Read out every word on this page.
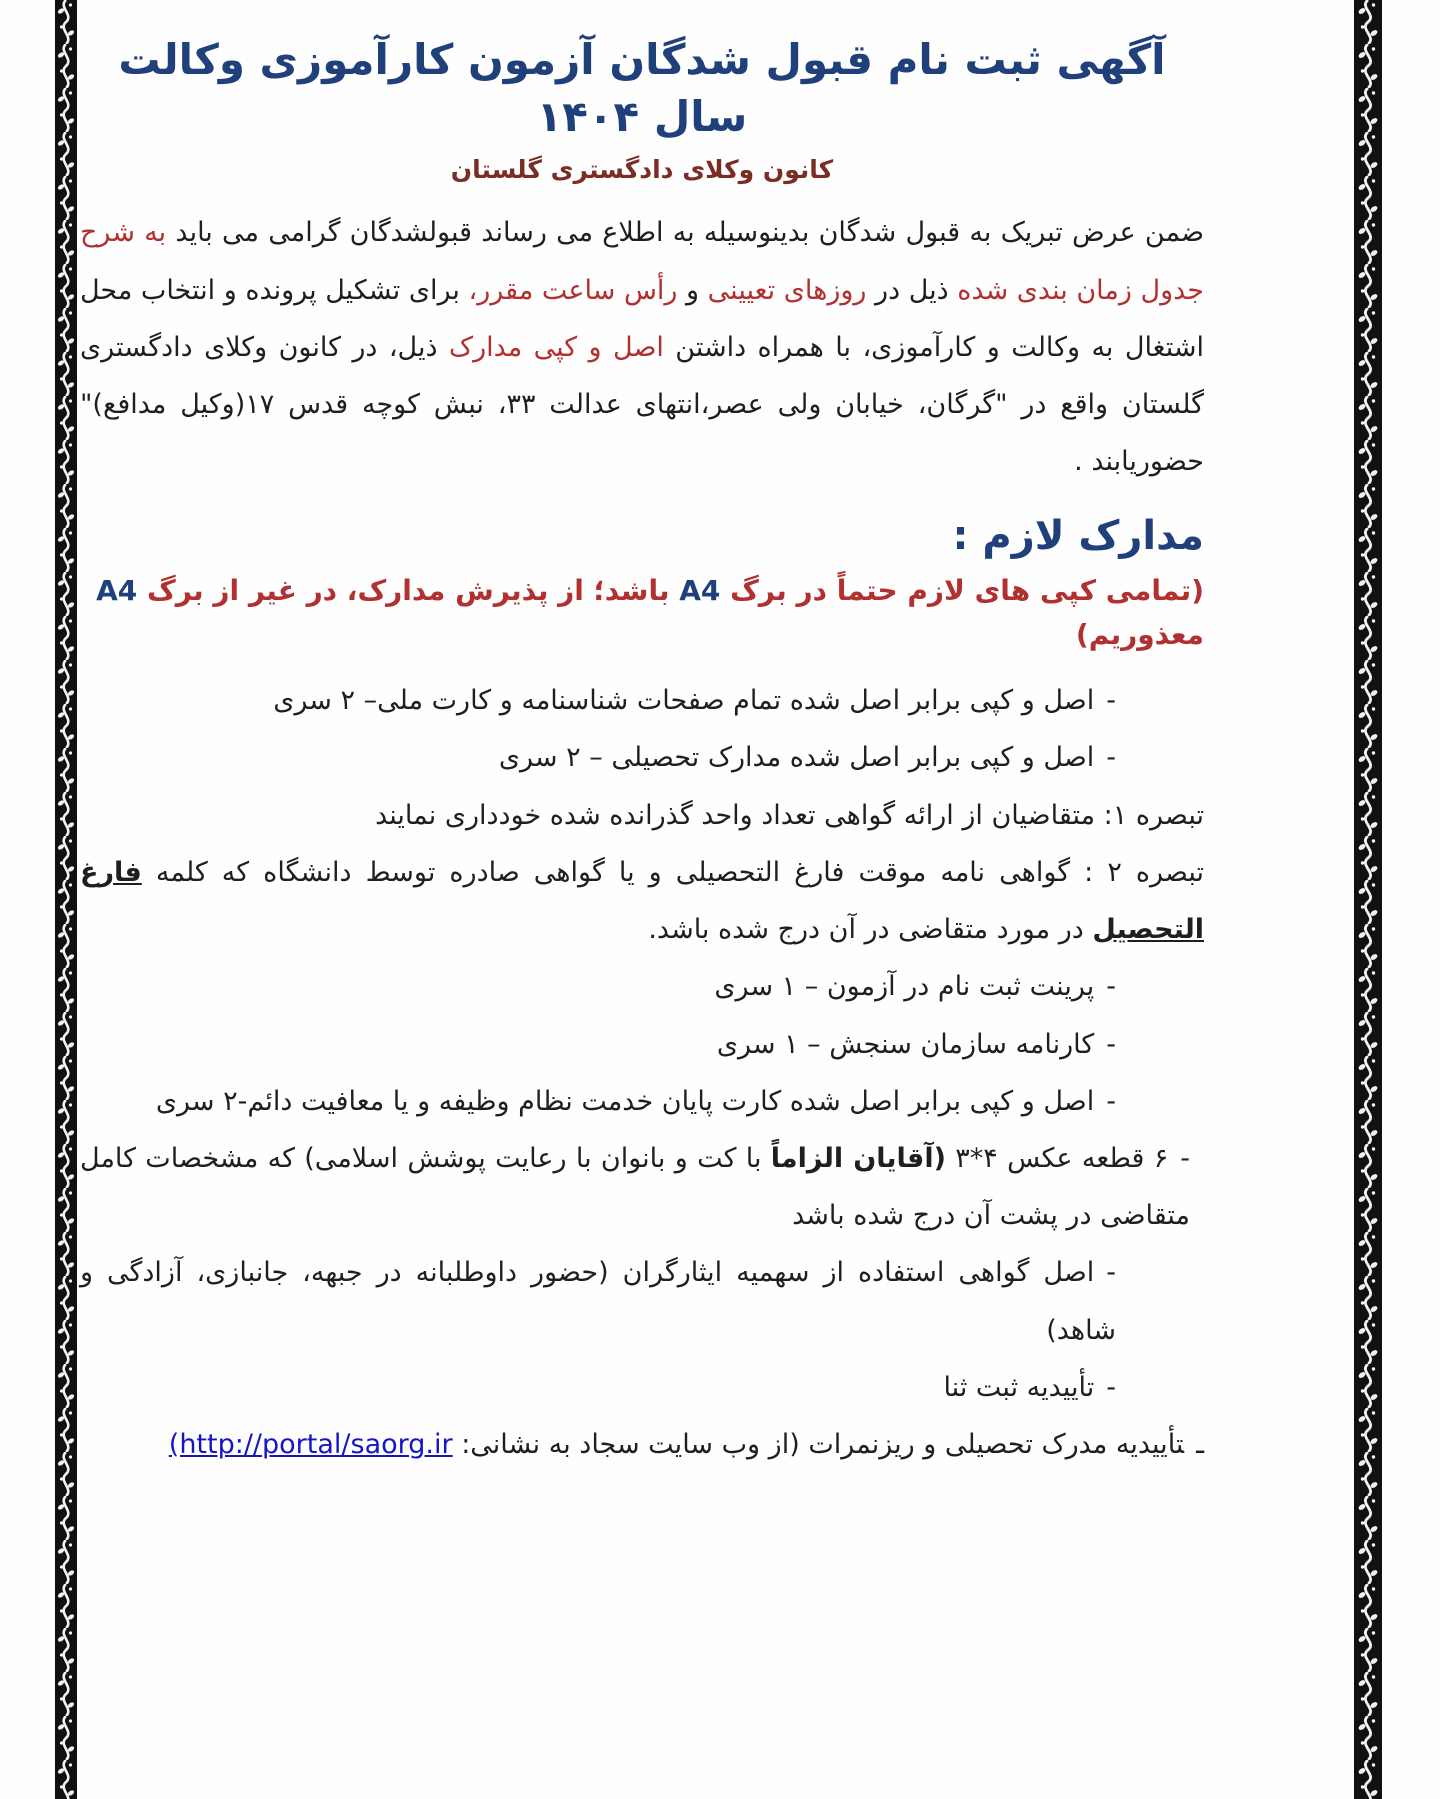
آگهی ثبت نام قبول شدگان آزمون کارآموزی وکالت سال ۱۴۰۴
کانون وکلای دادگستری گلستان

ضمن عرض تبریک به قبول شدگان بدینوسیله به اطلاع می رساند قبولشدگان گرامی می باید به شرح جدول زمان بندی شده ذیل در روزهای تعیینی و رأس ساعت مقرر، برای تشکیل پرونده و انتخاب محل اشتغال به وکالت و کارآموزی، با همراه داشتن اصل و کپی مدارک ذیل، در کانون وکلای دادگستری گلستان واقع در "گرگان، خیابان ولی عصر،انتهای عدالت ۳۳، نبش کوچه قدس ۱۷(وکیل مدافع)" حضوریابند .

مدارک لازم :

(تمامی کپی های لازم حتماً در برگ A4 باشد؛ از پذیرش مدارک، در غیر از برگ A4 معذوریم)

-اصل و کپی برابر اصل شده تمام صفحات شناسنامه و کارت ملی– ۲ سری
-اصل و کپی برابر اصل شده مدارک تحصیلی – ۲ سری
تبصره ۱: متقاضیان از ارائه گواهی تعداد واحد گذرانده شده خودداری نمایند
تبصره ۲ : گواهی نامه موقت فارغ التحصیلی و یا گواهی صادره توسط دانشگاه که کلمه فارغ التحصیل در مورد متقاضی در آن درج شده باشد.
-پرینت ثبت نام در آزمون – ۱ سری
-کارنامه سازمان سنجش – ۱ سری
-اصل و کپی برابر اصل شده کارت پایان خدمت نظام وظیفه و یا معافیت دائم-۲ سری
-۶ قطعه عکس ۴*۳ (آقایان الزاماً با کت و بانوان با رعایت پوشش اسلامی) که مشخصات کامل متقاضی در پشت آن درج شده باشد
-اصل گواهی استفاده از سهمیه ایثارگران (حضور داوطلبانه در جبهه، جانبازی، آزادگی و شاهد)
-تأییدیه ثبت ثنا
ـتأییدیه مدرک تحصیلی و ریزنمرات (از وب سایت سجاد به نشانی: (http://portal/saorg.ir
